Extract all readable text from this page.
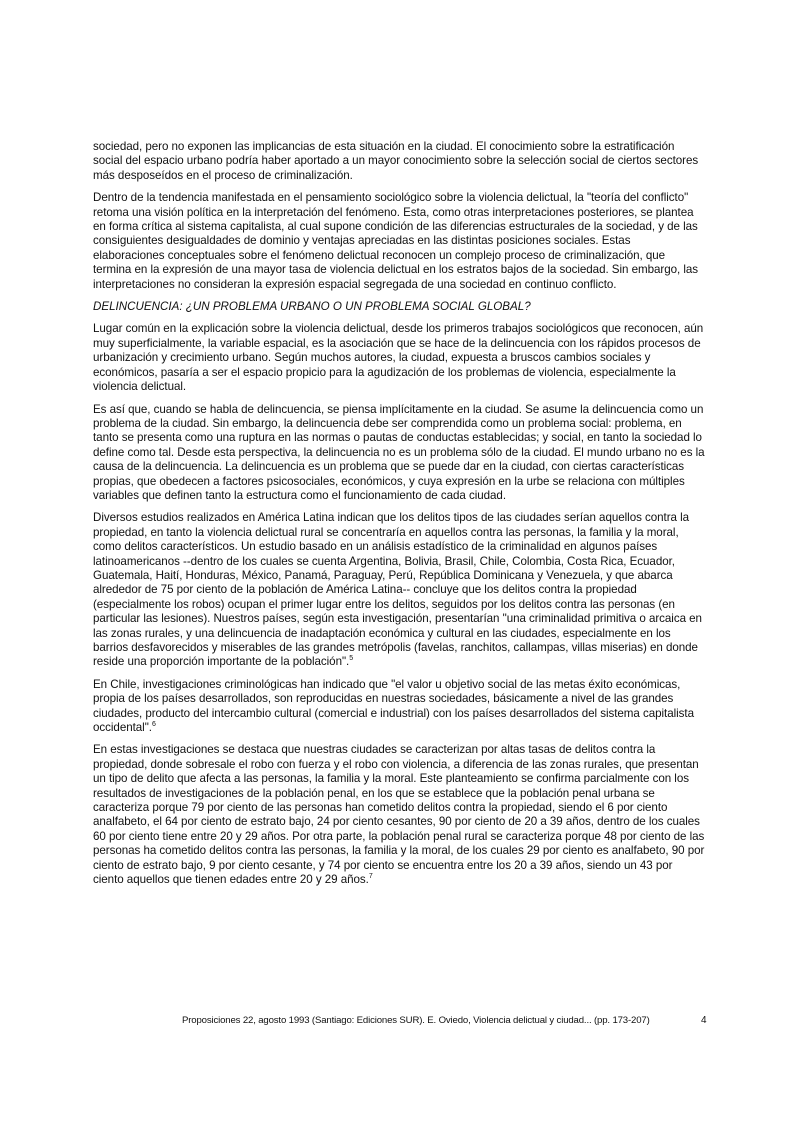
sociedad, pero no exponen las implicancias de esta situación en la ciudad. El conocimiento sobre la estratificación social del espacio urbano podría haber aportado a un mayor conocimiento sobre la selección social de ciertos sectores más desposeídos en el proceso de criminalización.

Dentro de la tendencia manifestada en el pensamiento sociológico sobre la violencia delictual, la "teoría del conflicto" retoma una visión política en la interpretación del fenómeno. Esta, como otras interpretaciones posteriores, se plantea en forma crítica al sistema capitalista, al cual supone condición de las diferencias estructurales de la sociedad, y de las consiguientes desigualdades de dominio y ventajas apreciadas en las distintas posiciones sociales. Estas elaboraciones conceptuales sobre el fenómeno delictual reconocen un complejo proceso de criminalización, que termina en la expresión de una mayor tasa de violencia delictual en los estratos bajos de la sociedad. Sin embargo, las interpretaciones no consideran la expresión espacial segregada de una sociedad en continuo conflicto.

DELINCUENCIA: ¿UN PROBLEMA URBANO O UN PROBLEMA SOCIAL GLOBAL?

Lugar común en la explicación sobre la violencia delictual, desde los primeros trabajos sociológicos que reconocen, aún muy superficialmente, la variable espacial, es la asociación que se hace de la delincuencia con los rápidos procesos de urbanización y crecimiento urbano. Según muchos autores, la ciudad, expuesta a bruscos cambios sociales y económicos, pasaría a ser el espacio propicio para la agudización de los problemas de violencia, especialmente la violencia delictual.

Es así que, cuando se habla de delincuencia, se piensa implícitamente en la ciudad. Se asume la delincuencia como un problema de la ciudad. Sin embargo, la delincuencia debe ser comprendida como un problema social: problema, en tanto se presenta como una ruptura en las normas o pautas de conductas establecidas; y social, en tanto la sociedad lo define como tal. Desde esta perspectiva, la delincuencia no es un problema sólo de la ciudad. El mundo urbano no es la causa de la delincuencia. La delincuencia es un problema que se puede dar en la ciudad, con ciertas características propias, que obedecen a factores psicosociales, económicos, y cuya expresión en la urbe se relaciona con múltiples variables que definen tanto la estructura como el funcionamiento de cada ciudad.

Diversos estudios realizados en América Latina indican que los delitos tipos de las ciudades serían aquellos contra la propiedad, en tanto la violencia delictual rural se concentraría en aquellos contra las personas, la familia y la moral, como delitos característicos. Un estudio basado en un análisis estadístico de la criminalidad en algunos países latinoamericanos --dentro de los cuales se cuenta Argentina, Bolivia, Brasil, Chile, Colombia, Costa Rica, Ecuador, Guatemala, Haití, Honduras, México, Panamá, Paraguay, Perú, República Dominicana y Venezuela, y que abarca alrededor de 75 por ciento de la población de América Latina-- concluye que los delitos contra la propiedad (especialmente los robos) ocupan el primer lugar entre los delitos, seguidos por los delitos contra las personas (en particular las lesiones). Nuestros países, según esta investigación, presentarían "una criminalidad primitiva o arcaica en las zonas rurales, y una delincuencia de inadaptación económica y cultural en las ciudades, especialmente en los barrios desfavorecidos y miserables de las grandes metrópolis (favelas, ranchitos, callampas, villas miserias) en donde reside una proporción importante de la población".$^5$

En Chile, investigaciones criminológicas han indicado que "el valor u objetivo social de las metas éxito económicas, propia de los países desarrollados, son reproducidas en nuestras sociedades, básicamente a nivel de las grandes ciudades, producto del intercambio cultural (comercial e industrial) con los países desarrollados del sistema capitalista occidental".$^6$

En estas investigaciones se destaca que nuestras ciudades se caracterizan por altas tasas de delitos contra la propiedad, donde sobresale el robo con fuerza y el robo con violencia, a diferencia de las zonas rurales, que presentan un tipo de delito que afecta a las personas, la familia y la moral. Este planteamiento se confirma parcialmente con los resultados de investigaciones de la población penal, en los que se establece que la población penal urbana se caracteriza porque 79 por ciento de las personas han cometido delitos contra la propiedad, siendo el 6 por ciento analfabeto, el 64 por ciento de estrato bajo, 24 por ciento cesantes, 90 por ciento de 20 a 39 años, dentro de los cuales 60 por ciento tiene entre 20 y 29 años. Por otra parte, la población penal rural se caracteriza porque 48 por ciento de las personas ha cometido delitos contra las personas, la familia y la moral, de los cuales 29 por ciento es analfabeto, 90 por ciento de estrato bajo, 9 por ciento cesante, y 74 por ciento se encuentra entre los 20 a 39 años, siendo un 43 por ciento aquellos que tienen edades entre 20 y 29 años.$^7$

Proposiciones 22, agosto 1993 (Santiago: Ediciones SUR). E. Oviedo, Violencia delictual y ciudad... (pp. 173-207)	4
